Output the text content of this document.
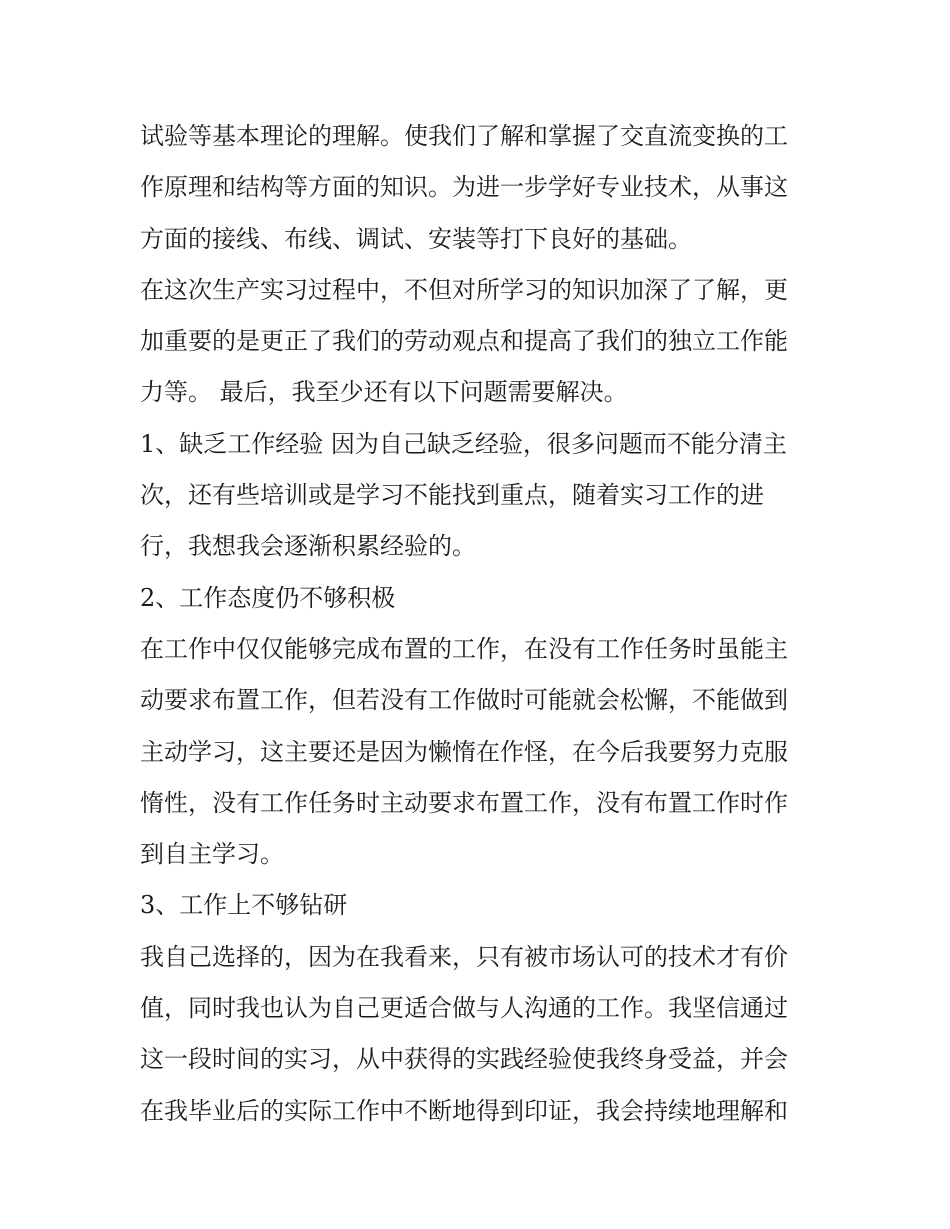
试验等基本理论的理解。使我们了解和掌握了交直流变换的工
作原理和结构等方面的知识。为进一步学好专业技术，从事这
方面的接线、布线、调试、安装等打下良好的基础。
在这次生产实习过程中，不但对所学习的知识加深了了解，更
加重要的是更正了我们的劳动观点和提高了我们的独立工作能
力等。 最后，我至少还有以下问题需要解决。
1、缺乏工作经验 因为自己缺乏经验，很多问题而不能分清主
次，还有些培训或是学习不能找到重点，随着实习工作的进
行，我想我会逐渐积累经验的。
2、工作态度仍不够积极
在工作中仅仅能够完成布置的工作，在没有工作任务时虽能主
动要求布置工作，但若没有工作做时可能就会松懈，不能做到
主动学习，这主要还是因为懒惰在作怪，在今后我要努力克服
惰性，没有工作任务时主动要求布置工作，没有布置工作时作
到自主学习。
3、工作上不够钻研
我自己选择的，因为在我看来，只有被市场认可的技术才有价
值，同时我也认为自己更适合做与人沟通的工作。我坚信通过
这一段时间的实习，从中获得的实践经验使我终身受益，并会
在我毕业后的实际工作中不断地得到印证，我会持续地理解和
